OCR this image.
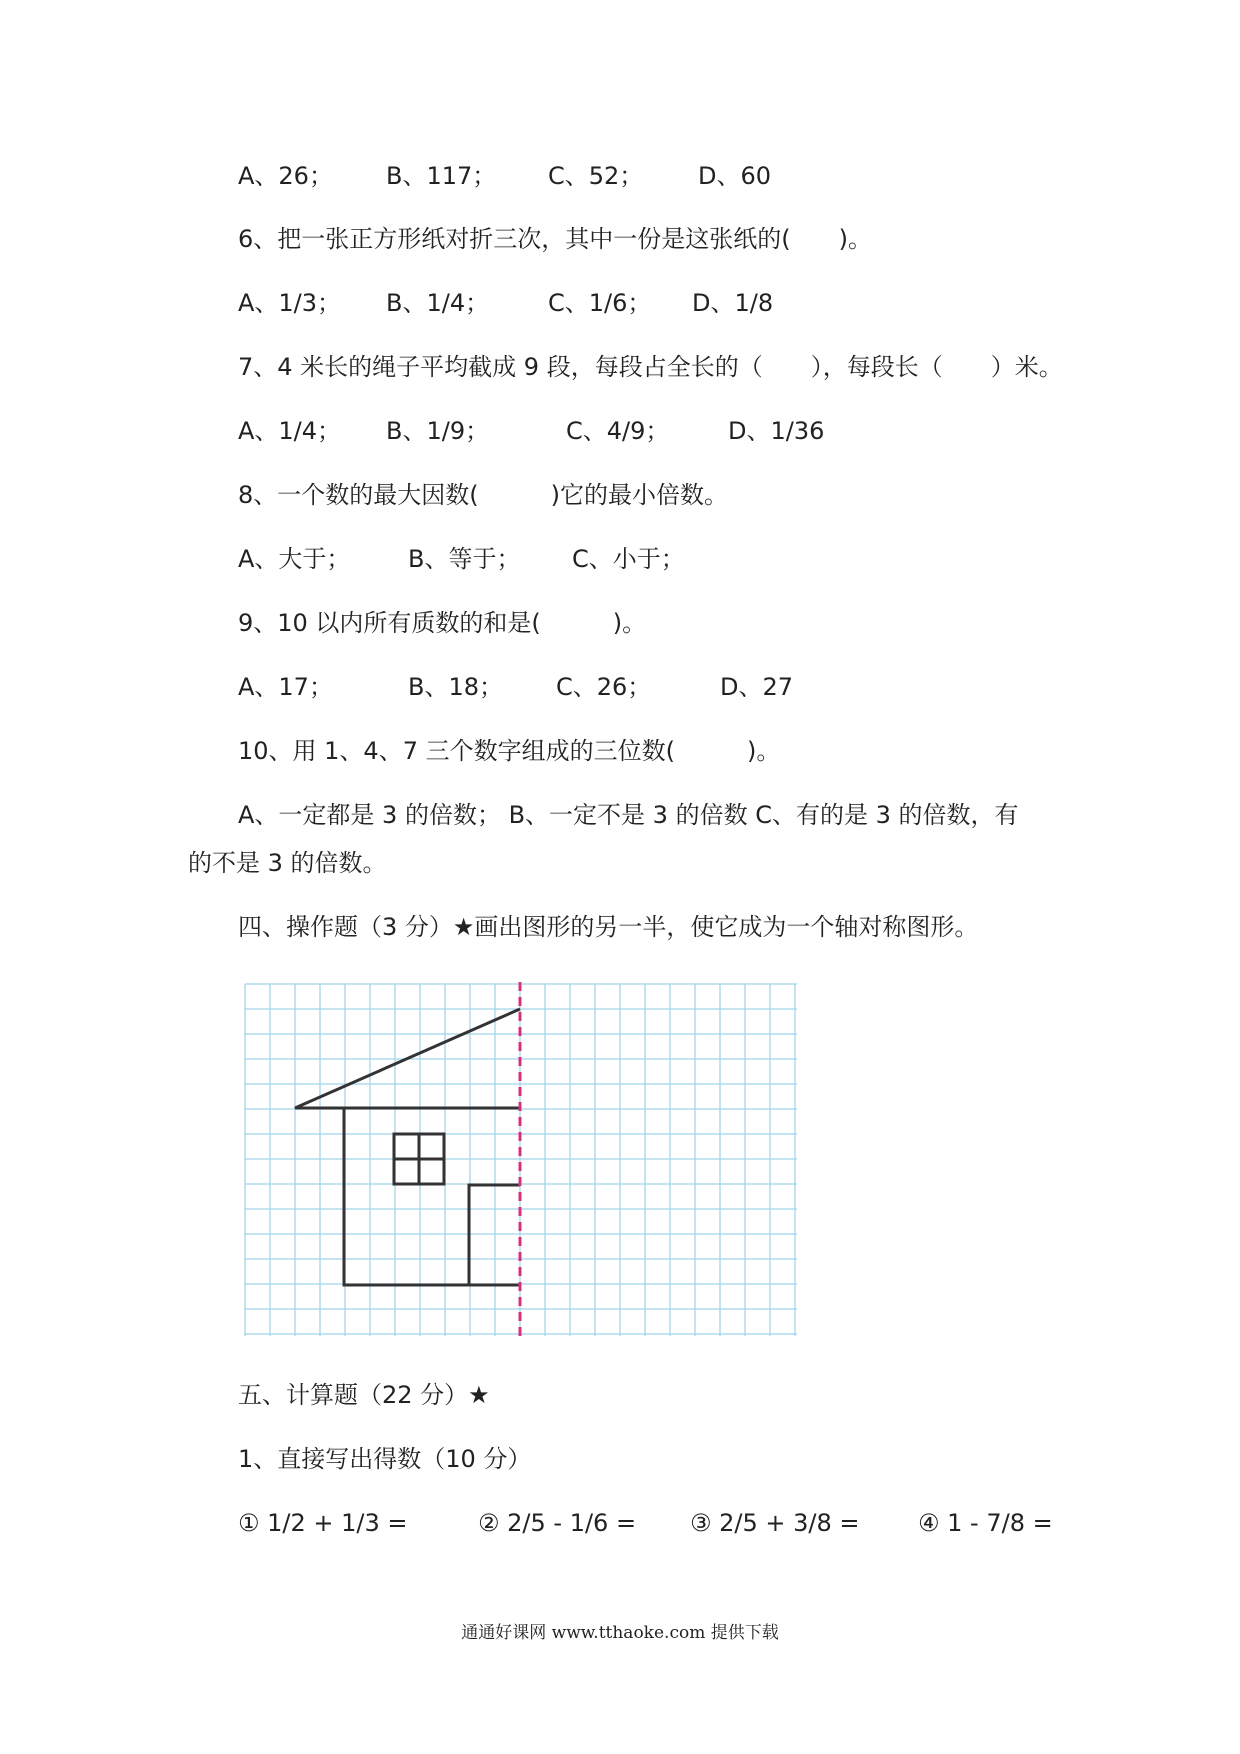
A、26； B、117； C、52； D、60
6、把一张正方形纸对折三次，其中一份是这张纸的(　　)。
A、1/3； B、1/4； C、1/6； D、1/8
7、4 米长的绳子平均截成 9 段，每段占全长的（　　），每段长（　　）米。
A、1/4； B、1/9；	C、4/9； D、1/36
8、一个数的最大因数(　　　)它的最小倍数。
A、大于； B、等于； C、小于；
9、10 以内所有质数的和是(　　　)。
A、17；	B、18； C、26；	D、27
10、用 1、4、7 三个数字组成的三位数(　　　)。
A、一定都是 3 的倍数； B、一定不是 3 的倍数 C、有的是 3 的倍数，有
的不是 3 的倍数。
四、操作题（3 分）★画出图形的另一半，使它成为一个轴对称图形。
五、计算题（22 分）★
1、直接写出得数（10 分）
① 1/2 + 1/3 =	② 2/5 - 1/6 = ③ 2/5 + 3/8 = ④ 1 - 7/8 =
通通好课网 www.tthaoke.com 提供下载
